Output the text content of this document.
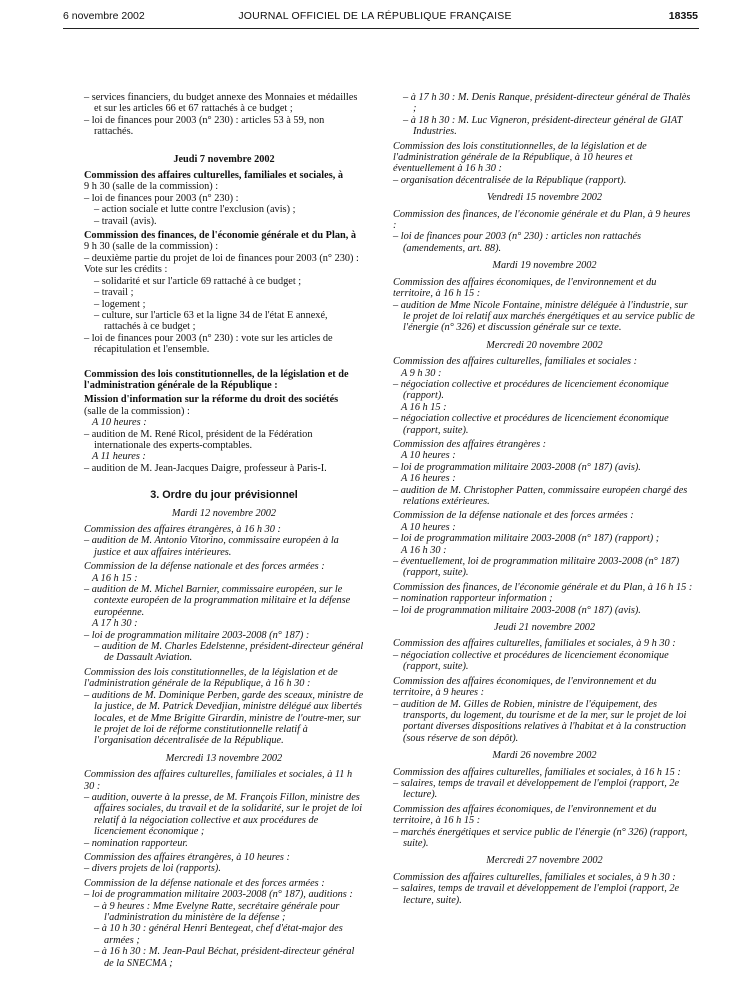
6 novembre 2002	JOURNAL OFFICIEL DE LA RÉPUBLIQUE FRANÇAISE	18355

– services financiers, du budget annexe des Monnaies et médailles et sur les articles 66 et 67 rattachés à ce budget ;

– loi de finances pour 2003 (n° 230) : articles 53 à 59, non rattachés.

Jeudi 7 novembre 2002

Commission des affaires culturelles, familiales et sociales, à

9 h 30 (salle de la commission) :

– loi de finances pour 2003 (n° 230) :

– action sociale et lutte contre l'exclusion (avis) ;

– travail (avis).

Commission des finances, de l'économie générale et du Plan, à

9 h 30 (salle de la commission) :

– deuxième partie du projet de loi de finances pour 2003 (n° 230) :

Vote sur les crédits :

– solidarité et sur l'article 69 rattaché à ce budget ;

– travail ;

– logement ;

– culture, sur l'article 63 et la ligne 34 de l'état E annexé, rattachés à ce budget ;

– loi de finances pour 2003 (n° 230) : vote sur les articles de récapitulation et l'ensemble.

Commission des lois constitutionnelles, de la législation et de l'administration générale de la République :

Mission d'information sur la réforme du droit des sociétés

(salle de la commission) :

A 10 heures :

– audition de M. René Ricol, président de la Fédération internationale des experts-comptables.

A 11 heures :

– audition de M. Jean-Jacques Daigre, professeur à Paris-I.

3. Ordre du jour prévisionnel

Mardi 12 novembre 2002

Commission des affaires étrangères, à 16 h 30 :

– audition de M. Antonio Vitorino, commissaire européen à la justice et aux affaires intérieures.

Commission de la défense nationale et des forces armées :

A 16 h 15 :

– audition de M. Michel Barnier, commissaire européen, sur le contexte européen de la programmation militaire et la défense européenne.

A 17 h 30 :

– loi de programmation militaire 2003-2008 (n° 187) :

– audition de M. Charles Edelstenne, président-directeur général de Dassault Aviation.

Commission des lois constitutionnelles, de la législation et de l'administration générale de la République, à 16 h 30 :

– auditions de M. Dominique Perben, garde des sceaux, ministre de la justice, de M. Patrick Devedjian, ministre délégué aux libertés locales, et de Mme Brigitte Girardin, ministre de l'outre-mer, sur le projet de loi de réforme constitutionnelle relatif à l'organisation décentralisée de la République.

Mercredi 13 novembre 2002

Commission des affaires culturelles, familiales et sociales, à 11 h 30 :

– audition, ouverte à la presse, de M. François Fillon, ministre des affaires sociales, du travail et de la solidarité, sur le projet de loi relatif à la négociation collective et aux procédures de licenciement économique ;

– nomination rapporteur.

Commission des affaires étrangères, à 10 heures :

– divers projets de loi (rapports).

Commission de la défense nationale et des forces armées :

– loi de programmation militaire 2003-2008 (n° 187), auditions :

– à 9 heures : Mme Evelyne Ratte, secrétaire générale pour l'administration du ministère de la défense ;

– à 10 h 30 : général Henri Bentegeat, chef d'état-major des armées ;

– à 16 h 30 : M. Jean-Paul Béchat, président-directeur général de la SNECMA ;

– à 17 h 30 : M. Denis Ranque, président-directeur général de Thalès ;

– à 18 h 30 : M. Luc Vigneron, président-directeur général de GIAT Industries.

Commission des lois constitutionnelles, de la législation et de l'administration générale de la République, à 10 heures et éventuellement à 16 h 30 :

– organisation décentralisée de la République (rapport).

Vendredi 15 novembre 2002

Commission des finances, de l'économie générale et du Plan, à 9 heures :

– loi de finances pour 2003 (n° 230) : articles non rattachés (amendements, art. 88).

Mardi 19 novembre 2002

Commission des affaires économiques, de l'environnement et du territoire, à 16 h 15 :

– audition de Mme Nicole Fontaine, ministre déléguée à l'industrie, sur le projet de loi relatif aux marchés énergétiques et au service public de l'énergie (n° 326) et discussion générale sur ce texte.

Mercredi 20 novembre 2002

Commission des affaires culturelles, familiales et sociales :

A 9 h 30 :

– négociation collective et procédures de licenciement économique (rapport).

A 16 h 15 :

– négociation collective et procédures de licenciement économique (rapport, suite).

Commission des affaires étrangères :

A 10 heures :

– loi de programmation militaire 2003-2008 (n° 187) (avis).

A 16 heures :

– audition de M. Christopher Patten, commissaire européen chargé des relations extérieures.

Commission de la défense nationale et des forces armées :

A 10 heures :

– loi de programmation militaire 2003-2008 (n° 187) (rapport) ;

A 16 h 30 :

– éventuellement, loi de programmation militaire 2003-2008 (n° 187) (rapport, suite).

Commission des finances, de l'économie générale et du Plan, à 16 h 15 :

– nomination rapporteur information ;

– loi de programmation militaire 2003-2008 (n° 187) (avis).

Jeudi 21 novembre 2002

Commission des affaires culturelles, familiales et sociales, à 9 h 30 :

– négociation collective et procédures de licenciement économique (rapport, suite).

Commission des affaires économiques, de l'environnement et du territoire, à 9 heures :

– audition de M. Gilles de Robien, ministre de l'équipement, des transports, du logement, du tourisme et de la mer, sur le projet de loi portant diverses dispositions relatives à l'habitat et à la construction (sous réserve de son dépôt).

Mardi 26 novembre 2002

Commission des affaires culturelles, familiales et sociales, à 16 h 15 :

– salaires, temps de travail et développement de l'emploi (rapport, 2e lecture).

Commission des affaires économiques, de l'environnement et du territoire, à 16 h 15 :

– marchés énergétiques et service public de l'énergie (n° 326) (rapport, suite).

Mercredi 27 novembre 2002

Commission des affaires culturelles, familiales et sociales, à 9 h 30 :

– salaires, temps de travail et développement de l'emploi (rapport, 2e lecture, suite).
